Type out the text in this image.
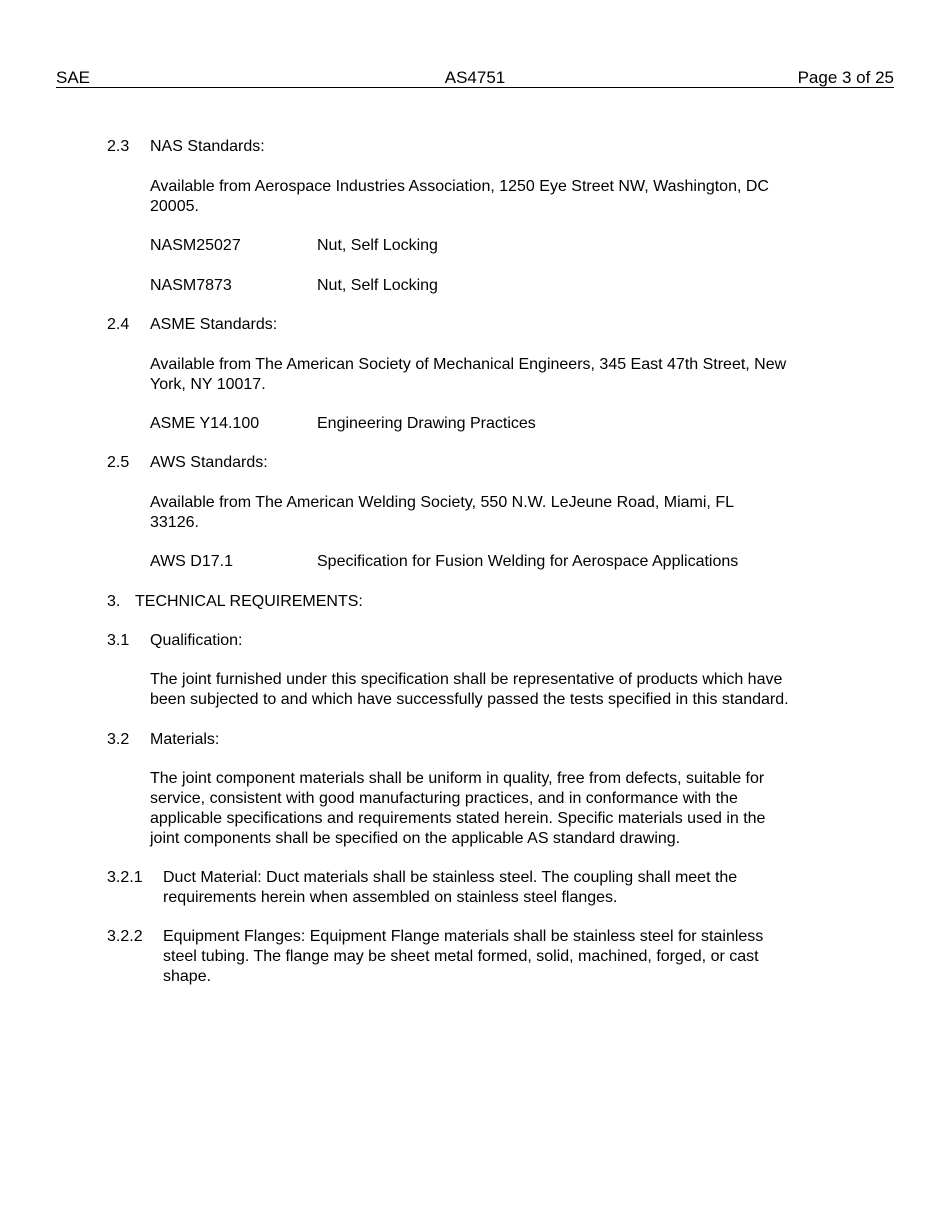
SAE	AS4751	Page 3 of 25
2.3 NAS Standards:
Available from Aerospace Industries Association, 1250 Eye Street NW, Washington, DC
20005.
NASM25027	Nut, Self Locking
NASM7873	Nut, Self Locking
2.4 ASME Standards:
Available from The American Society of Mechanical Engineers, 345 East 47th Street, New
York, NY 10017.
ASME Y14.100	Engineering Drawing Practices
2.5 AWS Standards:
Available from The American Welding Society, 550 N.W. LeJeune Road, Miami, FL
33126.
AWS D17.1	Specification for Fusion Welding for Aerospace Applications
3. TECHNICAL REQUIREMENTS:
3.1 Qualification:
The joint furnished under this specification shall be representative of products which have
been subjected to and which have successfully passed the tests specified in this standard.
3.2 Materials:
The joint component materials shall be uniform in quality, free from defects, suitable for
service, consistent with good manufacturing practices, and in conformance with the
applicable specifications and requirements stated herein. Specific materials used in the
joint components shall be specified on the applicable AS standard drawing.
3.2.1 Duct Material: Duct materials shall be stainless steel. The coupling shall meet the
requirements herein when assembled on stainless steel flanges.
3.2.2 Equipment Flanges: Equipment Flange materials shall be stainless steel for stainless
steel tubing. The flange may be sheet metal formed, solid, machined, forged, or cast
shape.
